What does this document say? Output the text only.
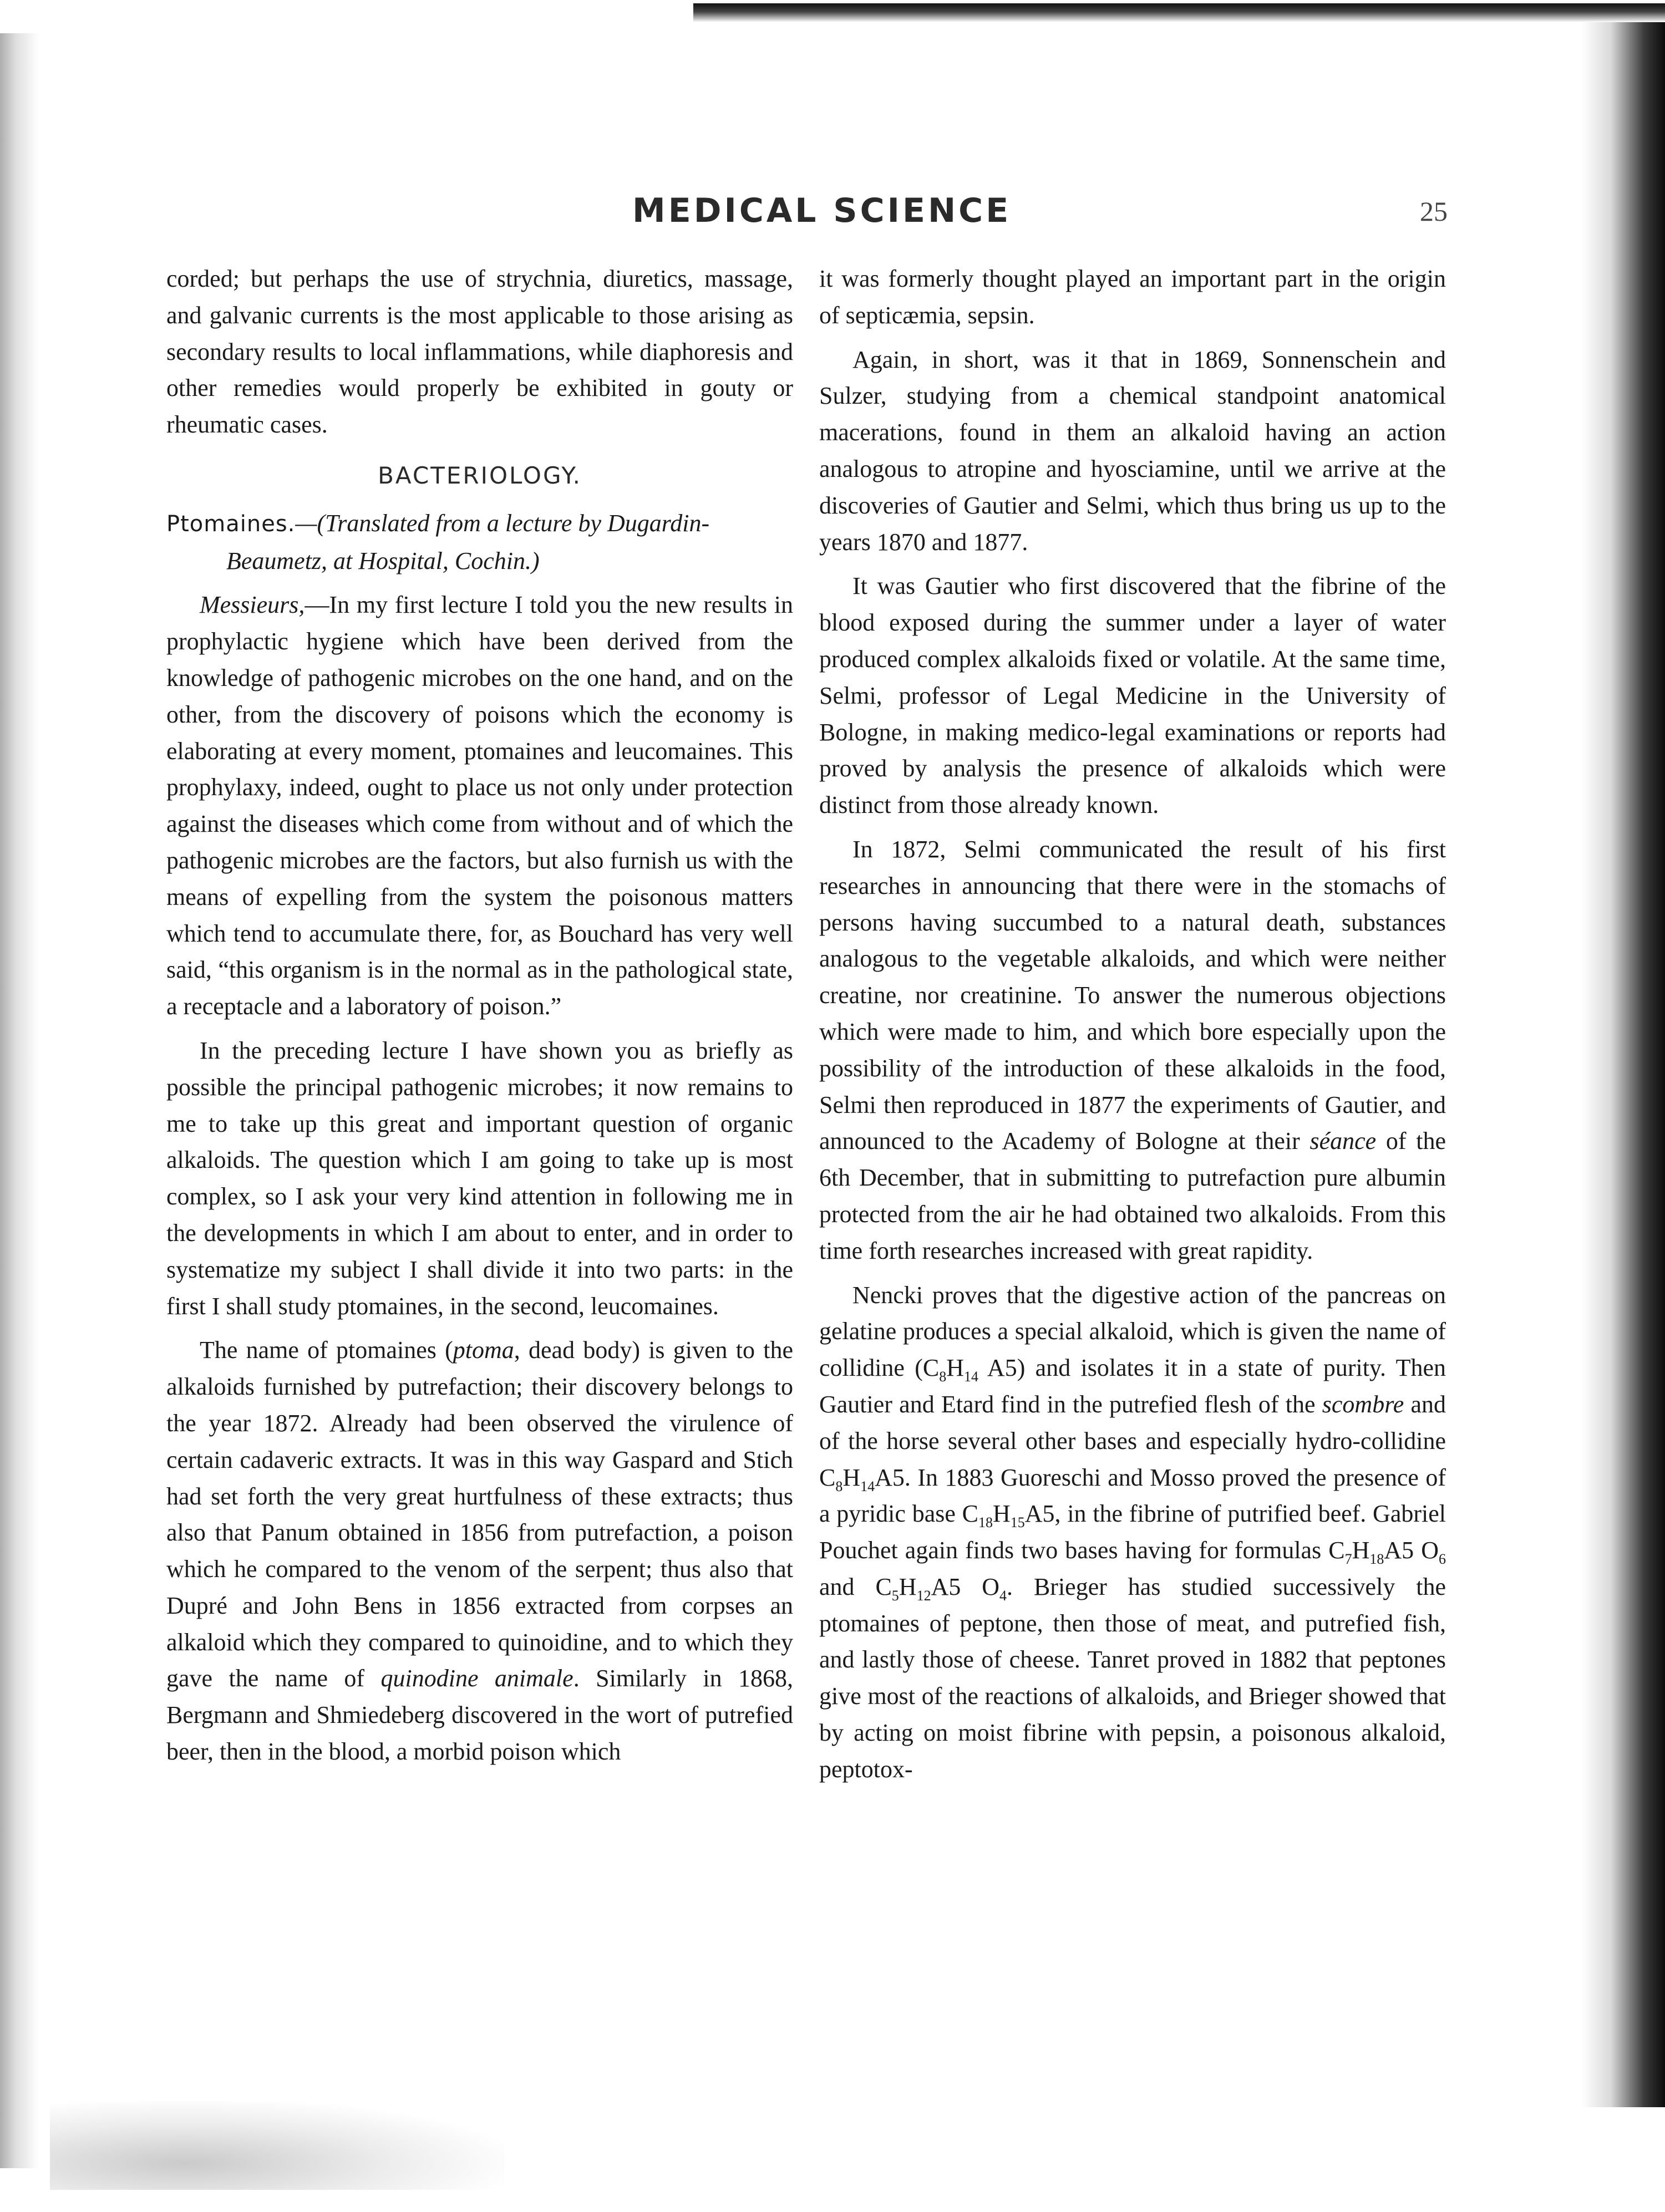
MEDICAL SCIENCE	25

corded; but perhaps the use of strychnia, diuretics, massage, and galvanic currents is the most applicable to those arising as secondary results to local inflammations, while diaphoresis and other remedies would properly be exhibited in gouty or rheumatic cases.

BACTERIOLOGY.

Ptomaines.—(Translated from a lecture by Dugardin-
Beaumetz, at Hospital, Cochin.)

Messieurs,—In my first lecture I told you the new results in prophylactic hygiene which have been derived from the knowledge of pathogenic microbes on the one hand, and on the other, from the discovery of poisons which the economy is elaborating at every moment, ptomaines and leucomaines. This prophylaxy, indeed, ought to place us not only under protection against the diseases which come from without and of which the pathogenic microbes are the factors, but also furnish us with the means of expelling from the system the poisonous matters which tend to accumulate there, for, as Bouchard has very well said, “this organism is in the normal as in the pathological state, a receptacle and a laboratory of poison.”

In the preceding lecture I have shown you as briefly as possible the principal pathogenic microbes; it now remains to me to take up this great and important question of organic alkaloids. The question which I am going to take up is most complex, so I ask your very kind attention in following me in the developments in which I am about to enter, and in order to systematize my subject I shall divide it into two parts: in the first I shall study ptomaines, in the second, leucomaines.

The name of ptomaines (ptoma, dead body) is given to the alkaloids furnished by putrefaction; their discovery belongs to the year 1872. Already had been observed the virulence of certain cadaveric extracts. It was in this way Gaspard and Stich had set forth the very great hurtfulness of these extracts; thus also that Panum obtained in 1856 from putrefaction, a poison which he compared to the venom of the serpent; thus also that Dupré and John Bens in 1856 extracted from corpses an alkaloid which they compared to quinoidine, and to which they gave the name of quinodine animale. Similarly in 1868, Bergmann and Shmiedeberg discovered in the wort of putrefied beer, then in the blood, a morbid poison which

it was formerly thought played an important part in the origin of septicæmia, sepsin.

Again, in short, was it that in 1869, Sonnenschein and Sulzer, studying from a chemical standpoint anatomical macerations, found in them an alkaloid having an action analogous to atropine and hyosciamine, until we arrive at the discoveries of Gautier and Selmi, which thus bring us up to the years 1870 and 1877.

It was Gautier who first discovered that the fibrine of the blood exposed during the summer under a layer of water produced complex alkaloids fixed or volatile. At the same time, Selmi, professor of Legal Medicine in the University of Bologne, in making medico-legal examinations or reports had proved by analysis the presence of alkaloids which were distinct from those already known.

In 1872, Selmi communicated the result of his first researches in announcing that there were in the stomachs of persons having succumbed to a natural death, substances analogous to the vegetable alkaloids, and which were neither creatine, nor creatinine. To answer the numerous objections which were made to him, and which bore especially upon the possibility of the introduction of these alkaloids in the food, Selmi then reproduced in 1877 the experiments of Gautier, and announced to the Academy of Bologne at their séance of the 6th December, that in submitting to putrefaction pure albumin protected from the air he had obtained two alkaloids. From this time forth researches increased with great rapidity.

Nencki proves that the digestive action of the pancreas on gelatine produces a special alkaloid, which is given the name of collidine ($C_8H_{14}$ A5) and isolates it in a state of purity. Then Gautier and Etard find in the putrefied flesh of the scombre and of the horse several other bases and especially hydro-collidine $C_8H_{14}A5$. In 1883 Guoreschi and Mosso proved the presence of a pyridic base $C_{18}H_{15}A5$, in the fibrine of putrified beef. Gabriel Pouchet again finds two bases having for formulas $C_7H_{18}A5$ $O_6$ and $C_5H_{12}A5$ $O_4$. Brieger has studied successively the ptomaines of peptone, then those of meat, and putrefied fish, and lastly those of cheese. Tanret proved in 1882 that peptones give most of the reactions of alkaloids, and Brieger showed that by acting on moist fibrine with pepsin, a poisonous alkaloid, peptotox-
